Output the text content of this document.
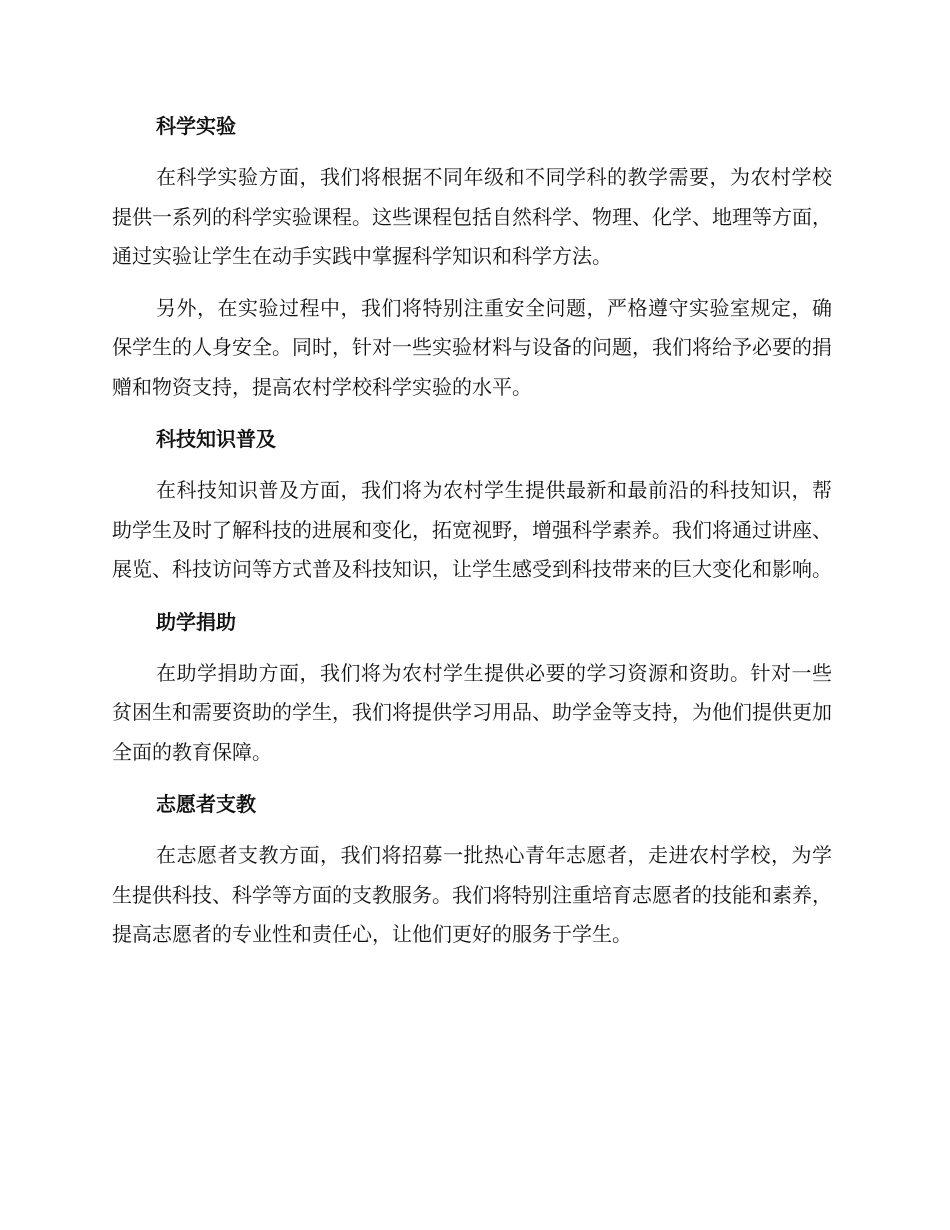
科学实验

在科学实验方面，我们将根据不同年级和不同学科的教学需要，为农村学校提供一系列的科学实验课程。这些课程包括自然科学、物理、化学、地理等方面，通过实验让学生在动手实践中掌握科学知识和科学方法。

另外，在实验过程中，我们将特别注重安全问题，严格遵守实验室规定，确保学生的人身安全。同时，针对一些实验材料与设备的问题，我们将给予必要的捐赠和物资支持，提高农村学校科学实验的水平。

科技知识普及

在科技知识普及方面，我们将为农村学生提供最新和最前沿的科技知识，帮助学生及时了解科技的进展和变化，拓宽视野，增强科学素养。我们将通过讲座、展览、科技访问等方式普及科技知识，让学生感受到科技带来的巨大变化和影响。

助学捐助

在助学捐助方面，我们将为农村学生提供必要的学习资源和资助。针对一些贫困生和需要资助的学生，我们将提供学习用品、助学金等支持，为他们提供更加全面的教育保障。

志愿者支教

在志愿者支教方面，我们将招募一批热心青年志愿者，走进农村学校，为学生提供科技、科学等方面的支教服务。我们将特别注重培育志愿者的技能和素养，提高志愿者的专业性和责任心，让他们更好的服务于学生。
